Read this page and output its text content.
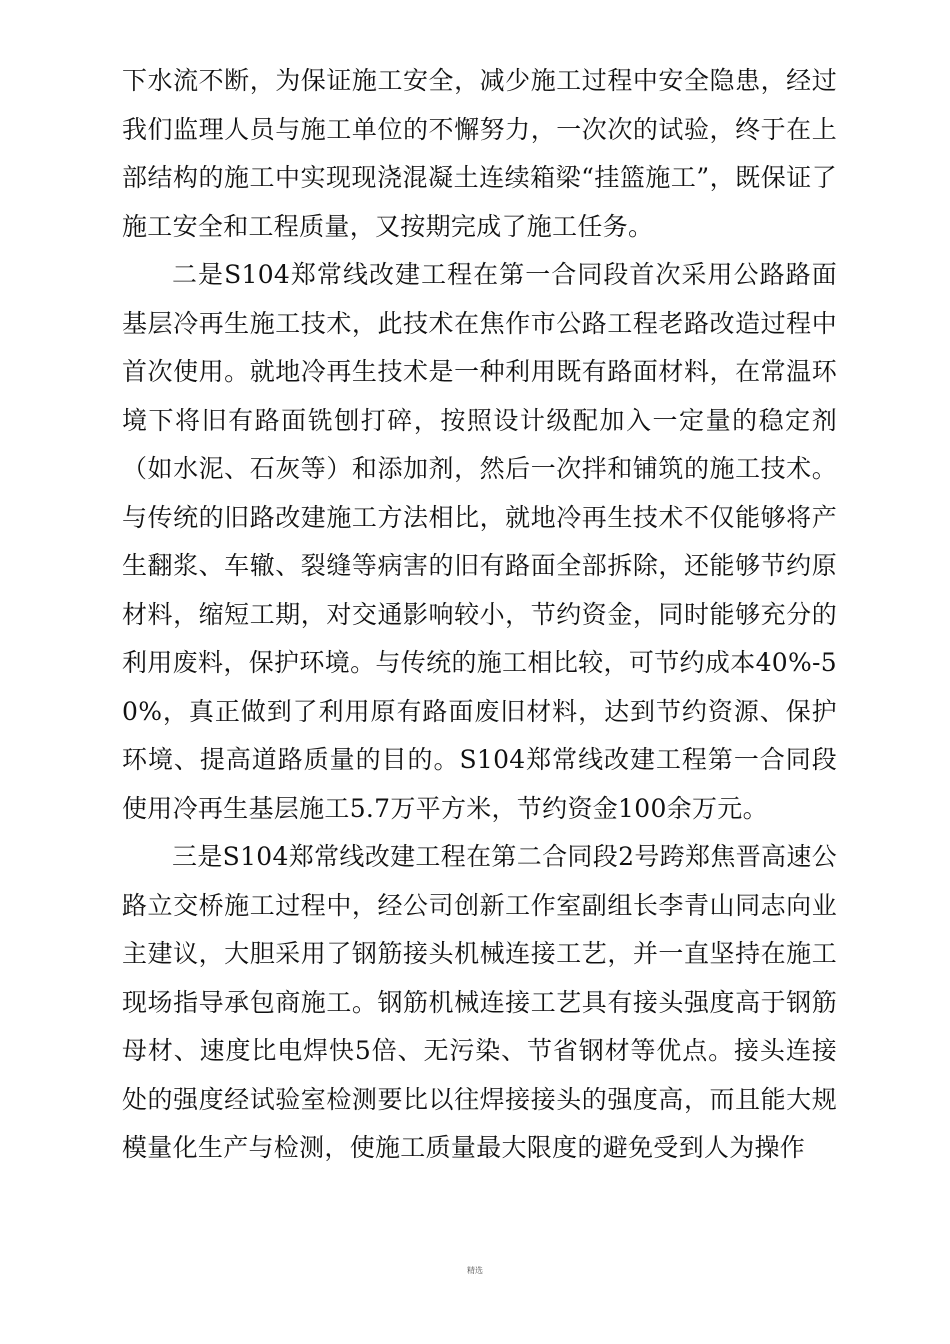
下水流不断，为保证施工安全，减少施工过程中安全隐患，经过我们监理人员与施工单位的不懈努力，一次次的试验，终于在上部结构的施工中实现现浇混凝土连续箱梁“挂篮施工”，既保证了施工安全和工程质量，又按期完成了施工任务。

二是S104郑常线改建工程在第一合同段首次采用公路路面基层冷再生施工技术，此技术在焦作市公路工程老路改造过程中首次使用。就地冷再生技术是一种利用既有路面材料，在常温环境下将旧有路面铣刨打碎，按照设计级配加入一定量的稳定剂（如水泥、石灰等）和添加剂，然后一次拌和铺筑的施工技术。与传统的旧路改建施工方法相比，就地冷再生技术不仅能够将产生翻浆、车辙、裂缝等病害的旧有路面全部拆除，还能够节约原材料，缩短工期，对交通影响较小，节约资金，同时能够充分的利用废料，保护环境。与传统的施工相比较，可节约成本40%-50%，真正做到了利用原有路面废旧材料，达到节约资源、保护环境、提高道路质量的目的。S104郑常线改建工程第一合同段使用冷再生基层施工5.7万平方米，节约资金100余万元。

三是S104郑常线改建工程在第二合同段2号跨郑焦晋高速公路立交桥施工过程中，经公司创新工作室副组长李青山同志向业主建议，大胆采用了钢筋接头机械连接工艺，并一直坚持在施工现场指导承包商施工。钢筋机械连接工艺具有接头强度高于钢筋母材、速度比电焊快5倍、无污染、节省钢材等优点。接头连接处的强度经试验室检测要比以往焊接接头的强度高，而且能大规模量化生产与检测，使施工质量最大限度的避免受到人为操作

精选
